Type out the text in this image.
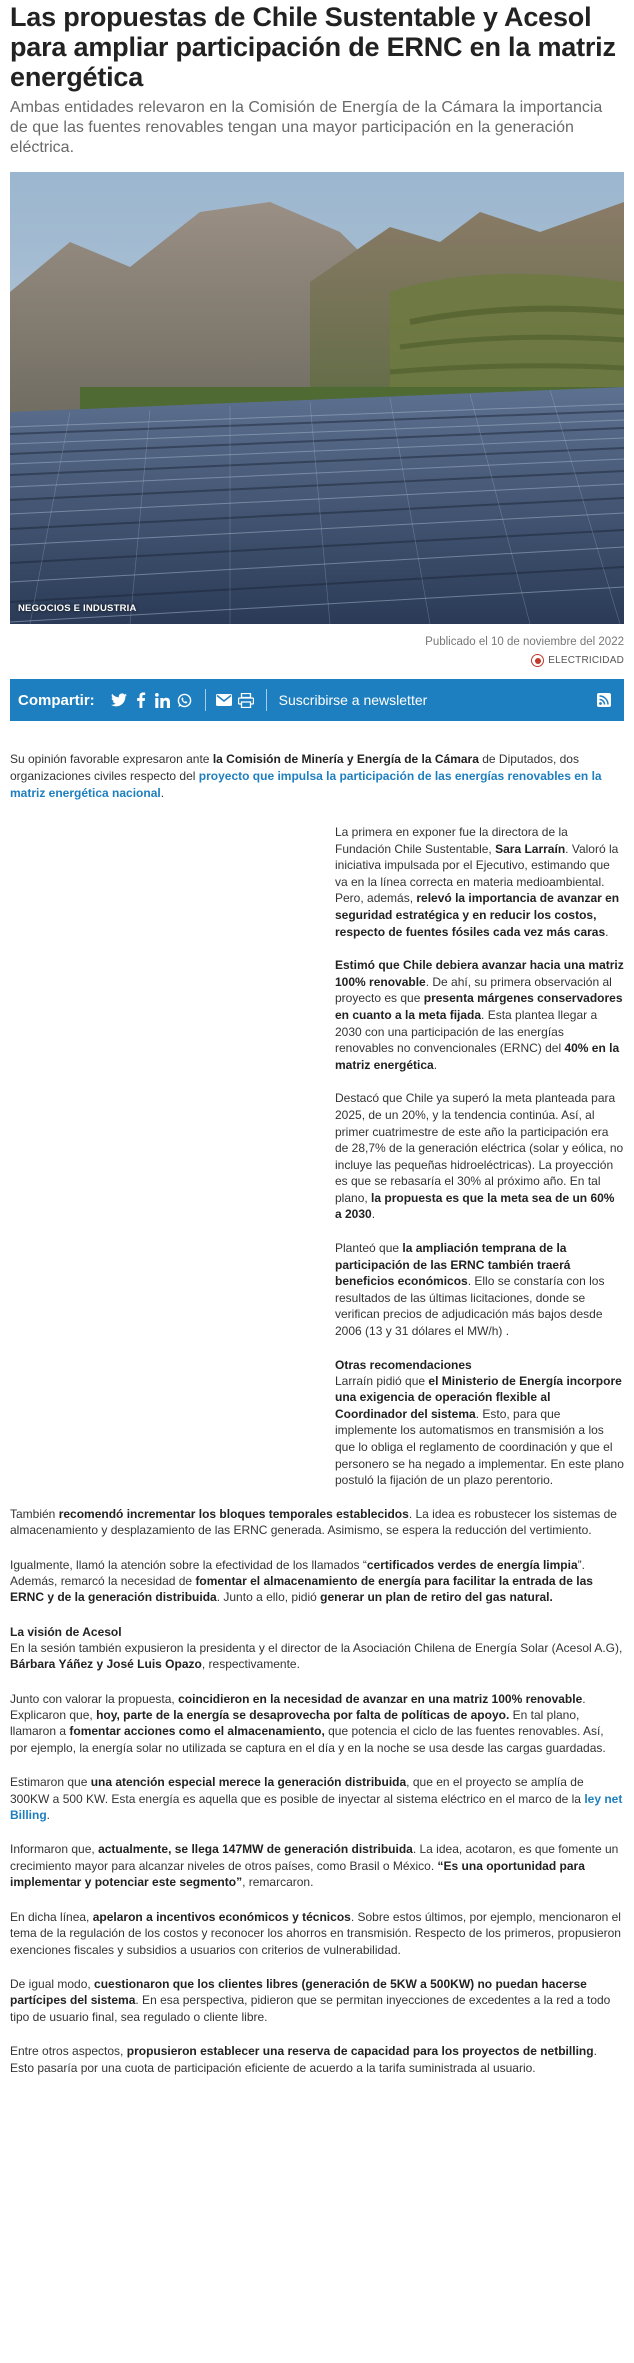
Las propuestas de Chile Sustentable y Acesol para ampliar participación de ERNC en la matriz energética

Ambas entidades relevaron en la Comisión de Energía de la Cámara la importancia de que las fuentes renovables tengan una mayor participación en la generación eléctrica.

NEGOCIOS E INDUSTRIA
Publicado el 10 de noviembre del 2022
ELECTRICIDAD
Compartir:	Suscribirse a newsletter

Su opinión favorable expresaron ante la Comisión de Minería y Energía de la Cámara de Diputados, dos organizaciones civiles respecto del proyecto que impulsa la participación de las energías renovables en la matriz energética nacional.

La primera en exponer fue la directora de la Fundación Chile Sustentable, Sara Larraín. Valoró la iniciativa impulsada por el Ejecutivo, estimando que va en la línea correcta en materia medioambiental. Pero, además, relevó la importancia de avanzar en seguridad estratégica y en reducir los costos, respecto de fuentes fósiles cada vez más caras.

Estimó que Chile debiera avanzar hacia una matriz 100% renovable. De ahí, su primera observación al proyecto es que presenta márgenes conservadores en cuanto a la meta fijada. Esta plantea llegar a 2030 con una participación de las energías renovables no convencionales (ERNC) del 40% en la matriz energética.

Destacó que Chile ya superó la meta planteada para 2025, de un 20%, y la tendencia continúa. Así, al primer cuatrimestre de este año la participación era de 28,7% de la generación eléctrica (solar y eólica, no incluye las pequeñas hidroeléctricas). La proyección es que se rebasaría el 30% al próximo año. En tal plano, la propuesta es que la meta sea de un 60% a 2030.

Planteó que la ampliación temprana de la participación de las ERNC también traerá beneficios económicos. Ello se constaría con los resultados de las últimas licitaciones, donde se verifican precios de adjudicación más bajos desde 2006 (13 y 31 dólares el MW/h) .

Otras recomendaciones

Larraín pidió que el Ministerio de Energía incorpore una exigencia de operación flexible al Coordinador del sistema. Esto, para que implemente los automatismos en transmisión a los que lo obliga el reglamento de coordinación y que el personero se ha negado a implementar. En este plano postuló la fijación de un plazo perentorio.

También recomendó incrementar los bloques temporales establecidos. La idea es robustecer los sistemas de almacenamiento y desplazamiento de las ERNC generada. Asimismo, se espera la reducción del vertimiento.

Igualmente, llamó la atención sobre la efectividad de los llamados “certificados verdes de energía limpia”. Además, remarcó la necesidad de fomentar el almacenamiento de energía para facilitar la entrada de las ERNC y de la generación distribuida. Junto a ello, pidió generar un plan de retiro del gas natural.

La visión de Acesol

En la sesión también expusieron la presidenta y el director de la Asociación Chilena de Energía Solar (Acesol A.G), Bárbara Yáñez y José Luis Opazo, respectivamente.

Junto con valorar la propuesta, coincidieron en la necesidad de avanzar en una matriz 100% renovable. Explicaron que, hoy, parte de la energía se desaprovecha por falta de políticas de apoyo. En tal plano, llamaron a fomentar acciones como el almacenamiento, que potencia el ciclo de las fuentes renovables. Así, por ejemplo, la energía solar no utilizada se captura en el día y en la noche se usa desde las cargas guardadas.

Estimaron que una atención especial merece la generación distribuida, que en el proyecto se amplía de 300KW a 500 KW. Esta energía es aquella que es posible de inyectar al sistema eléctrico en el marco de la ley net Billing.

Informaron que, actualmente, se llega 147MW de generación distribuida. La idea, acotaron, es que fomente un crecimiento mayor para alcanzar niveles de otros países, como Brasil o México. “Es una oportunidad para implementar y potenciar este segmento”, remarcaron.

En dicha línea, apelaron a incentivos económicos y técnicos. Sobre estos últimos, por ejemplo, mencionaron el tema de la regulación de los costos y reconocer los ahorros en transmisión. Respecto de los primeros, propusieron exenciones fiscales y subsidios a usuarios con criterios de vulnerabilidad.

De igual modo, cuestionaron que los clientes libres (generación de 5KW a 500KW) no puedan hacerse partícipes del sistema. En esa perspectiva, pidieron que se permitan inyecciones de excedentes a la red a todo tipo de usuario final, sea regulado o cliente libre.

Entre otros aspectos, propusieron establecer una reserva de capacidad para los proyectos de netbilling. Esto pasaría por una cuota de participación eficiente de acuerdo a la tarifa suministrada al usuario.
